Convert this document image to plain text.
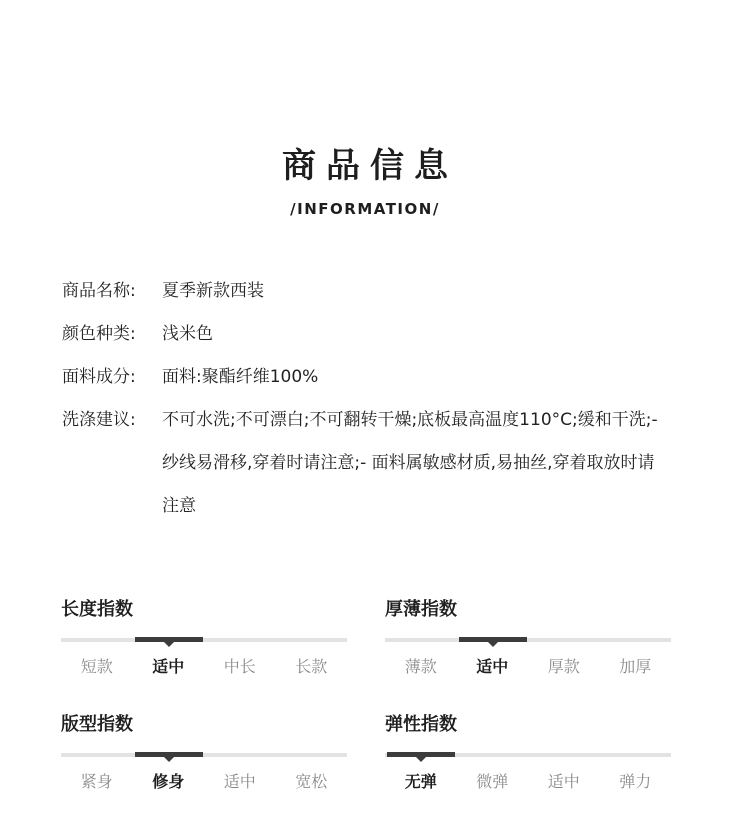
商品信息
/INFORMATION/
商品名称:	夏季新款西装
颜色种类:	浅米色
面料成分:	面料:聚酯纤维100%
洗涤建议:	不可水洗;不可漂白;不可翻转干燥;底板最高温度110°C;缓和干洗;- 纱线易滑移,穿着时请注意;- 面料属敏感材质,易抽丝,穿着取放时请注意
长度指数
短款	适中	中长	长款
厚薄指数
薄款	适中	厚款	加厚
版型指数
紧身	修身	适中	宽松
弹性指数
无弹	微弹	适中	弹力
